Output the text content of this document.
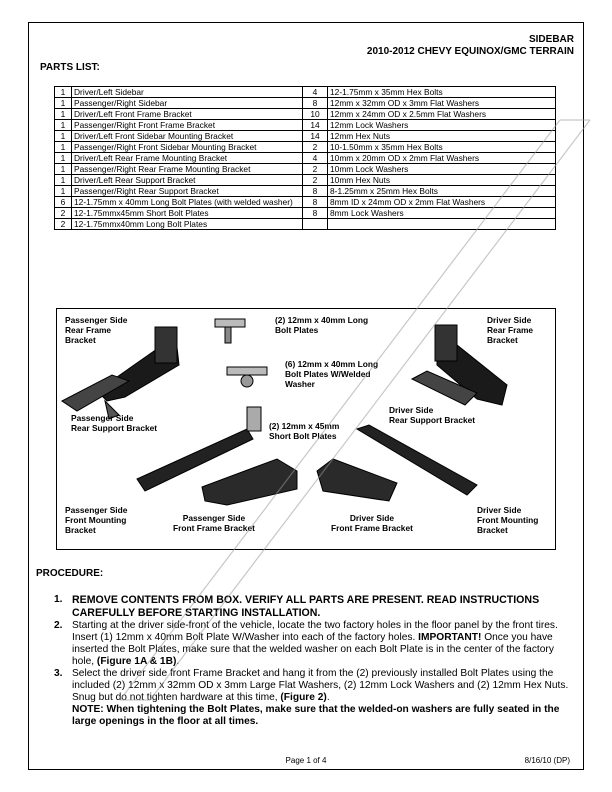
SIDEBAR
2010-2012 CHEVY EQUINOX/GMC TERRAIN
PARTS LIST:
1	Driver/Left Sidebar	4	12-1.75mm x 35mm Hex Bolts
1	Passenger/Right Sidebar	8	12mm x 32mm OD x 3mm Flat Washers
1	Driver/Left Front Frame Bracket	10	12mm x 24mm OD x 2.5mm Flat Washers
1	Passenger/Right Front Frame Bracket	14	12mm Lock Washers
1	Driver/Left Front Sidebar Mounting Bracket	14	12mm Hex Nuts
1	Passenger/Right Front Sidebar Mounting Bracket	2	10-1.50mm x 35mm Hex Bolts
1	Driver/Left Rear Frame Mounting Bracket	4	10mm x 20mm OD x 2mm Flat Washers
1	Passenger/Right Rear Frame Mounting Bracket	2	10mm Lock Washers
1	Driver/Left Rear Support Bracket	2	10mm Hex Nuts
1	Passenger/Right Rear Support Bracket	8	8-1.25mm x 25mm Hex Bolts
6	12-1.75mm x 40mm Long Bolt Plates (with welded washer)	8	8mm ID x 24mm OD x 2mm Flat Washers
2	12-1.75mmx45mm Short Bolt Plates	8	8mm Lock Washers
2	12-1.75mmx40mm Long Bolt Plates		
Passenger Side
Rear Frame
Bracket
(2) 12mm x 40mm Long
Bolt Plates
Driver Side
Rear Frame
Bracket
(6) 12mm x 40mm Long
Bolt Plates W/Welded
Washer
Passenger Side
Rear Support Bracket
Driver Side
Rear Support Bracket
(2) 12mm x 45mm
Short Bolt Plates
Passenger Side
Front Mounting
Bracket
Passenger Side
Front Frame Bracket
Driver Side
Front Frame Bracket
Driver Side
Front Mounting
Bracket
PROCEDURE:
1. REMOVE CONTENTS FROM BOX. VERIFY ALL PARTS ARE PRESENT. READ INSTRUCTIONS CAREFULLY BEFORE STARTING INSTALLATION.
2. Starting at the driver side-front of the vehicle, locate the two factory holes in the floor panel by the front tires. Insert (1) 12mm x 40mm Bolt Plate W/Washer into each of the factory holes. IMPORTANT! Once you have inserted the Bolt Plates, make sure that the welded washer on each Bolt Plate is in the center of the factory hole, (Figure 1A & 1B).
3. Select the driver side front Frame Bracket and hang it from the (2) previously installed Bolt Plates using the included (2) 12mm x 32mm OD x 3mm Large Flat Washers, (2) 12mm Lock Washers and (2) 12mm Hex Nuts. Snug but do not tighten hardware at this time, (Figure 2).
NOTE: When tightening the Bolt Plates, make sure that the welded-on washers are fully seated in the large openings in the floor at all times.
Page 1 of 4	8/16/10 (DP)
